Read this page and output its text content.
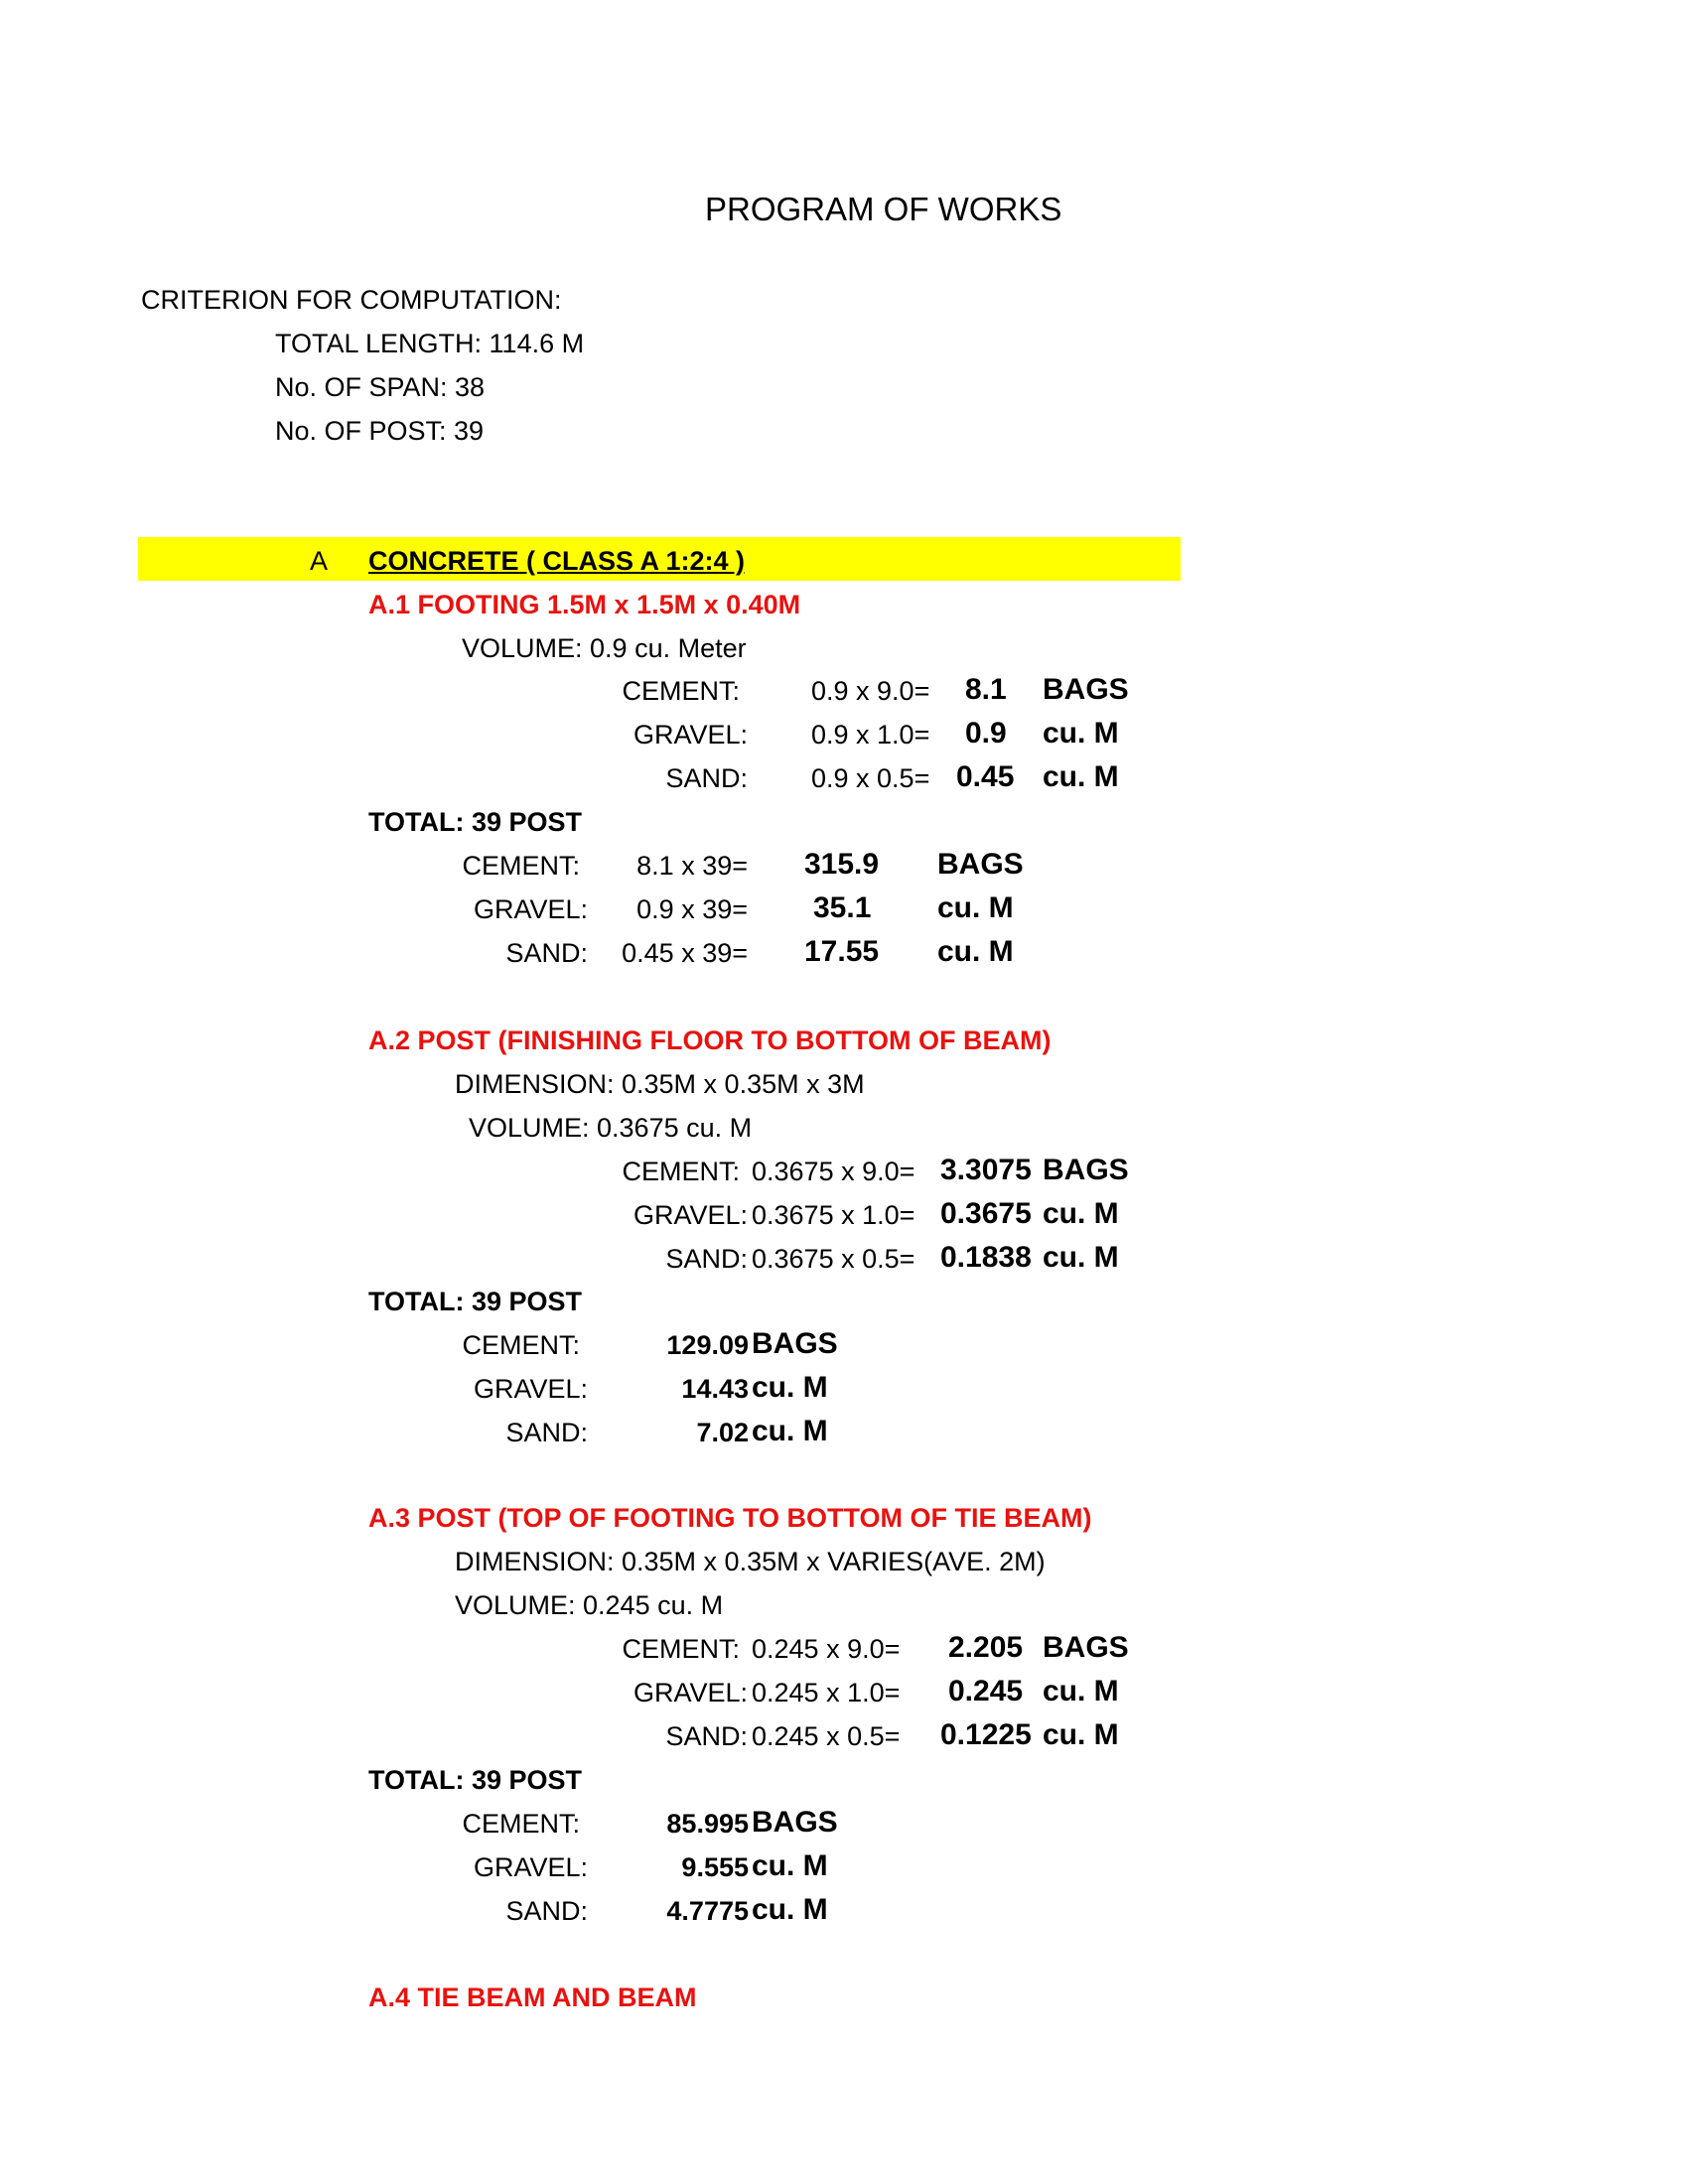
PROGRAM OF WORKS
CRITERION FOR COMPUTATION:
TOTAL LENGTH: 114.6 M
No. OF SPAN: 38
No. OF POST: 39
A CONCRETE ( CLASS A 1:2:4 )
A.1 FOOTING 1.5M x 1.5M x 0.40M
VOLUME: 0.9 cu. Meter
CEMENT:	0.9 x 9.0= 8.1 BAGS
GRAVEL: 0.9 x 1.0= 0.9 cu. M
SAND: 0.9 x 0.5= 0.45 cu. M
TOTAL: 39 POST
CEMENT:	8.1 x 39= 315.9 BAGS
GRAVEL:	0.9 x 39= 35.1 cu. M
SAND:	0.45 x 39= 17.55 cu. M
A.2 POST (FINISHING FLOOR TO BOTTOM OF BEAM)
DIMENSION: 0.35M x 0.35M x 3M
VOLUME: 0.3675 cu. M
CEMENT: 0.3675 x 9.0= 3.3075 BAGS
GRAVEL: 0.3675 x 1.0= 0.3675 cu. M
SAND: 0.3675 x 0.5= 0.1838 cu. M
TOTAL: 39 POST
CEMENT:	129.09 BAGS
GRAVEL:	14.43 cu. M
SAND:	7.02 cu. M
A.3 POST (TOP OF FOOTING TO BOTTOM OF TIE BEAM)
DIMENSION: 0.35M x 0.35M x VARIES(AVE. 2M)
VOLUME: 0.245 cu. M
CEMENT: 0.245 x 9.0= 2.205 BAGS
GRAVEL: 0.245 x 1.0= 0.245 cu. M
SAND: 0.245 x 0.5= 0.1225 cu. M
TOTAL: 39 POST
CEMENT:	85.995 BAGS
GRAVEL:	9.555 cu. M
SAND:	4.7775 cu. M
A.4 TIE BEAM AND BEAM
